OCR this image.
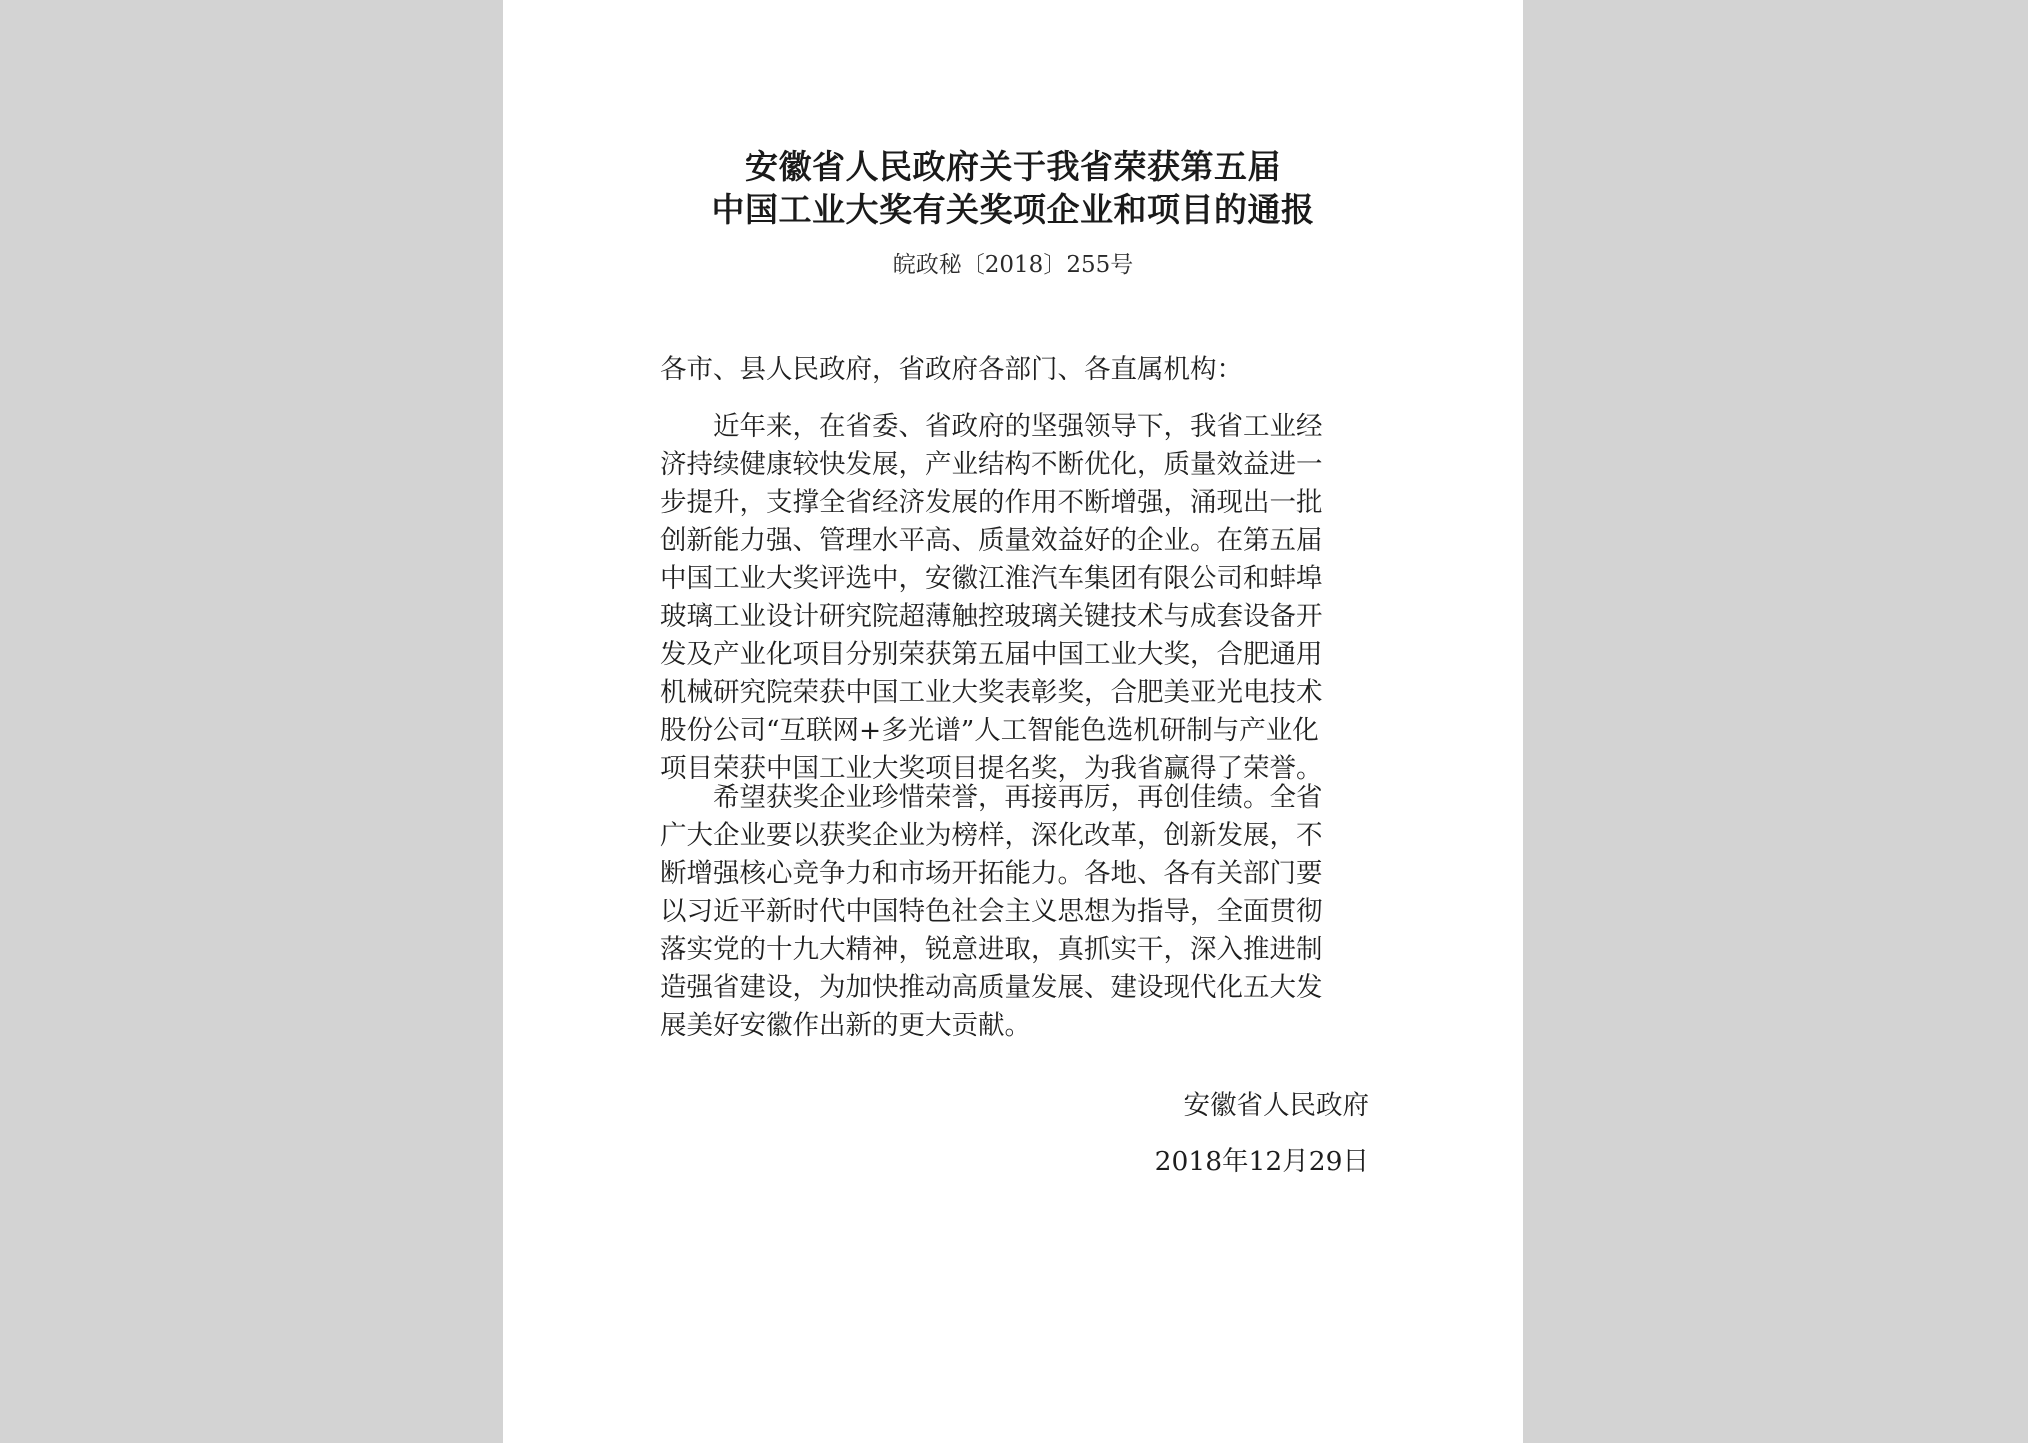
安徽省人民政府关于我省荣获第五届
中国工业大奖有关奖项企业和项目的通报
皖政秘〔2018〕255号
各市、县人民政府，省政府各部门、各直属机构：
近年来，在省委、省政府的坚强领导下，我省工业经
济持续健康较快发展，产业结构不断优化，质量效益进一
步提升，支撑全省经济发展的作用不断增强，涌现出一批
创新能力强、管理水平高、质量效益好的企业。在第五届
中国工业大奖评选中，安徽江淮汽车集团有限公司和蚌埠
玻璃工业设计研究院超薄触控玻璃关键技术与成套设备开
发及产业化项目分别荣获第五届中国工业大奖，合肥通用
机械研究院荣获中国工业大奖表彰奖，合肥美亚光电技术
股份公司“互联网+多光谱”人工智能色选机研制与产业化
项目荣获中国工业大奖项目提名奖，为我省赢得了荣誉。
希望获奖企业珍惜荣誉，再接再厉，再创佳绩。全省
广大企业要以获奖企业为榜样，深化改革，创新发展，不
断增强核心竞争力和市场开拓能力。各地、各有关部门要
以习近平新时代中国特色社会主义思想为指导，全面贯彻
落实党的十九大精神，锐意进取，真抓实干，深入推进制
造强省建设，为加快推动高质量发展、建设现代化五大发
展美好安徽作出新的更大贡献。
安徽省人民政府
2018年12月29日
